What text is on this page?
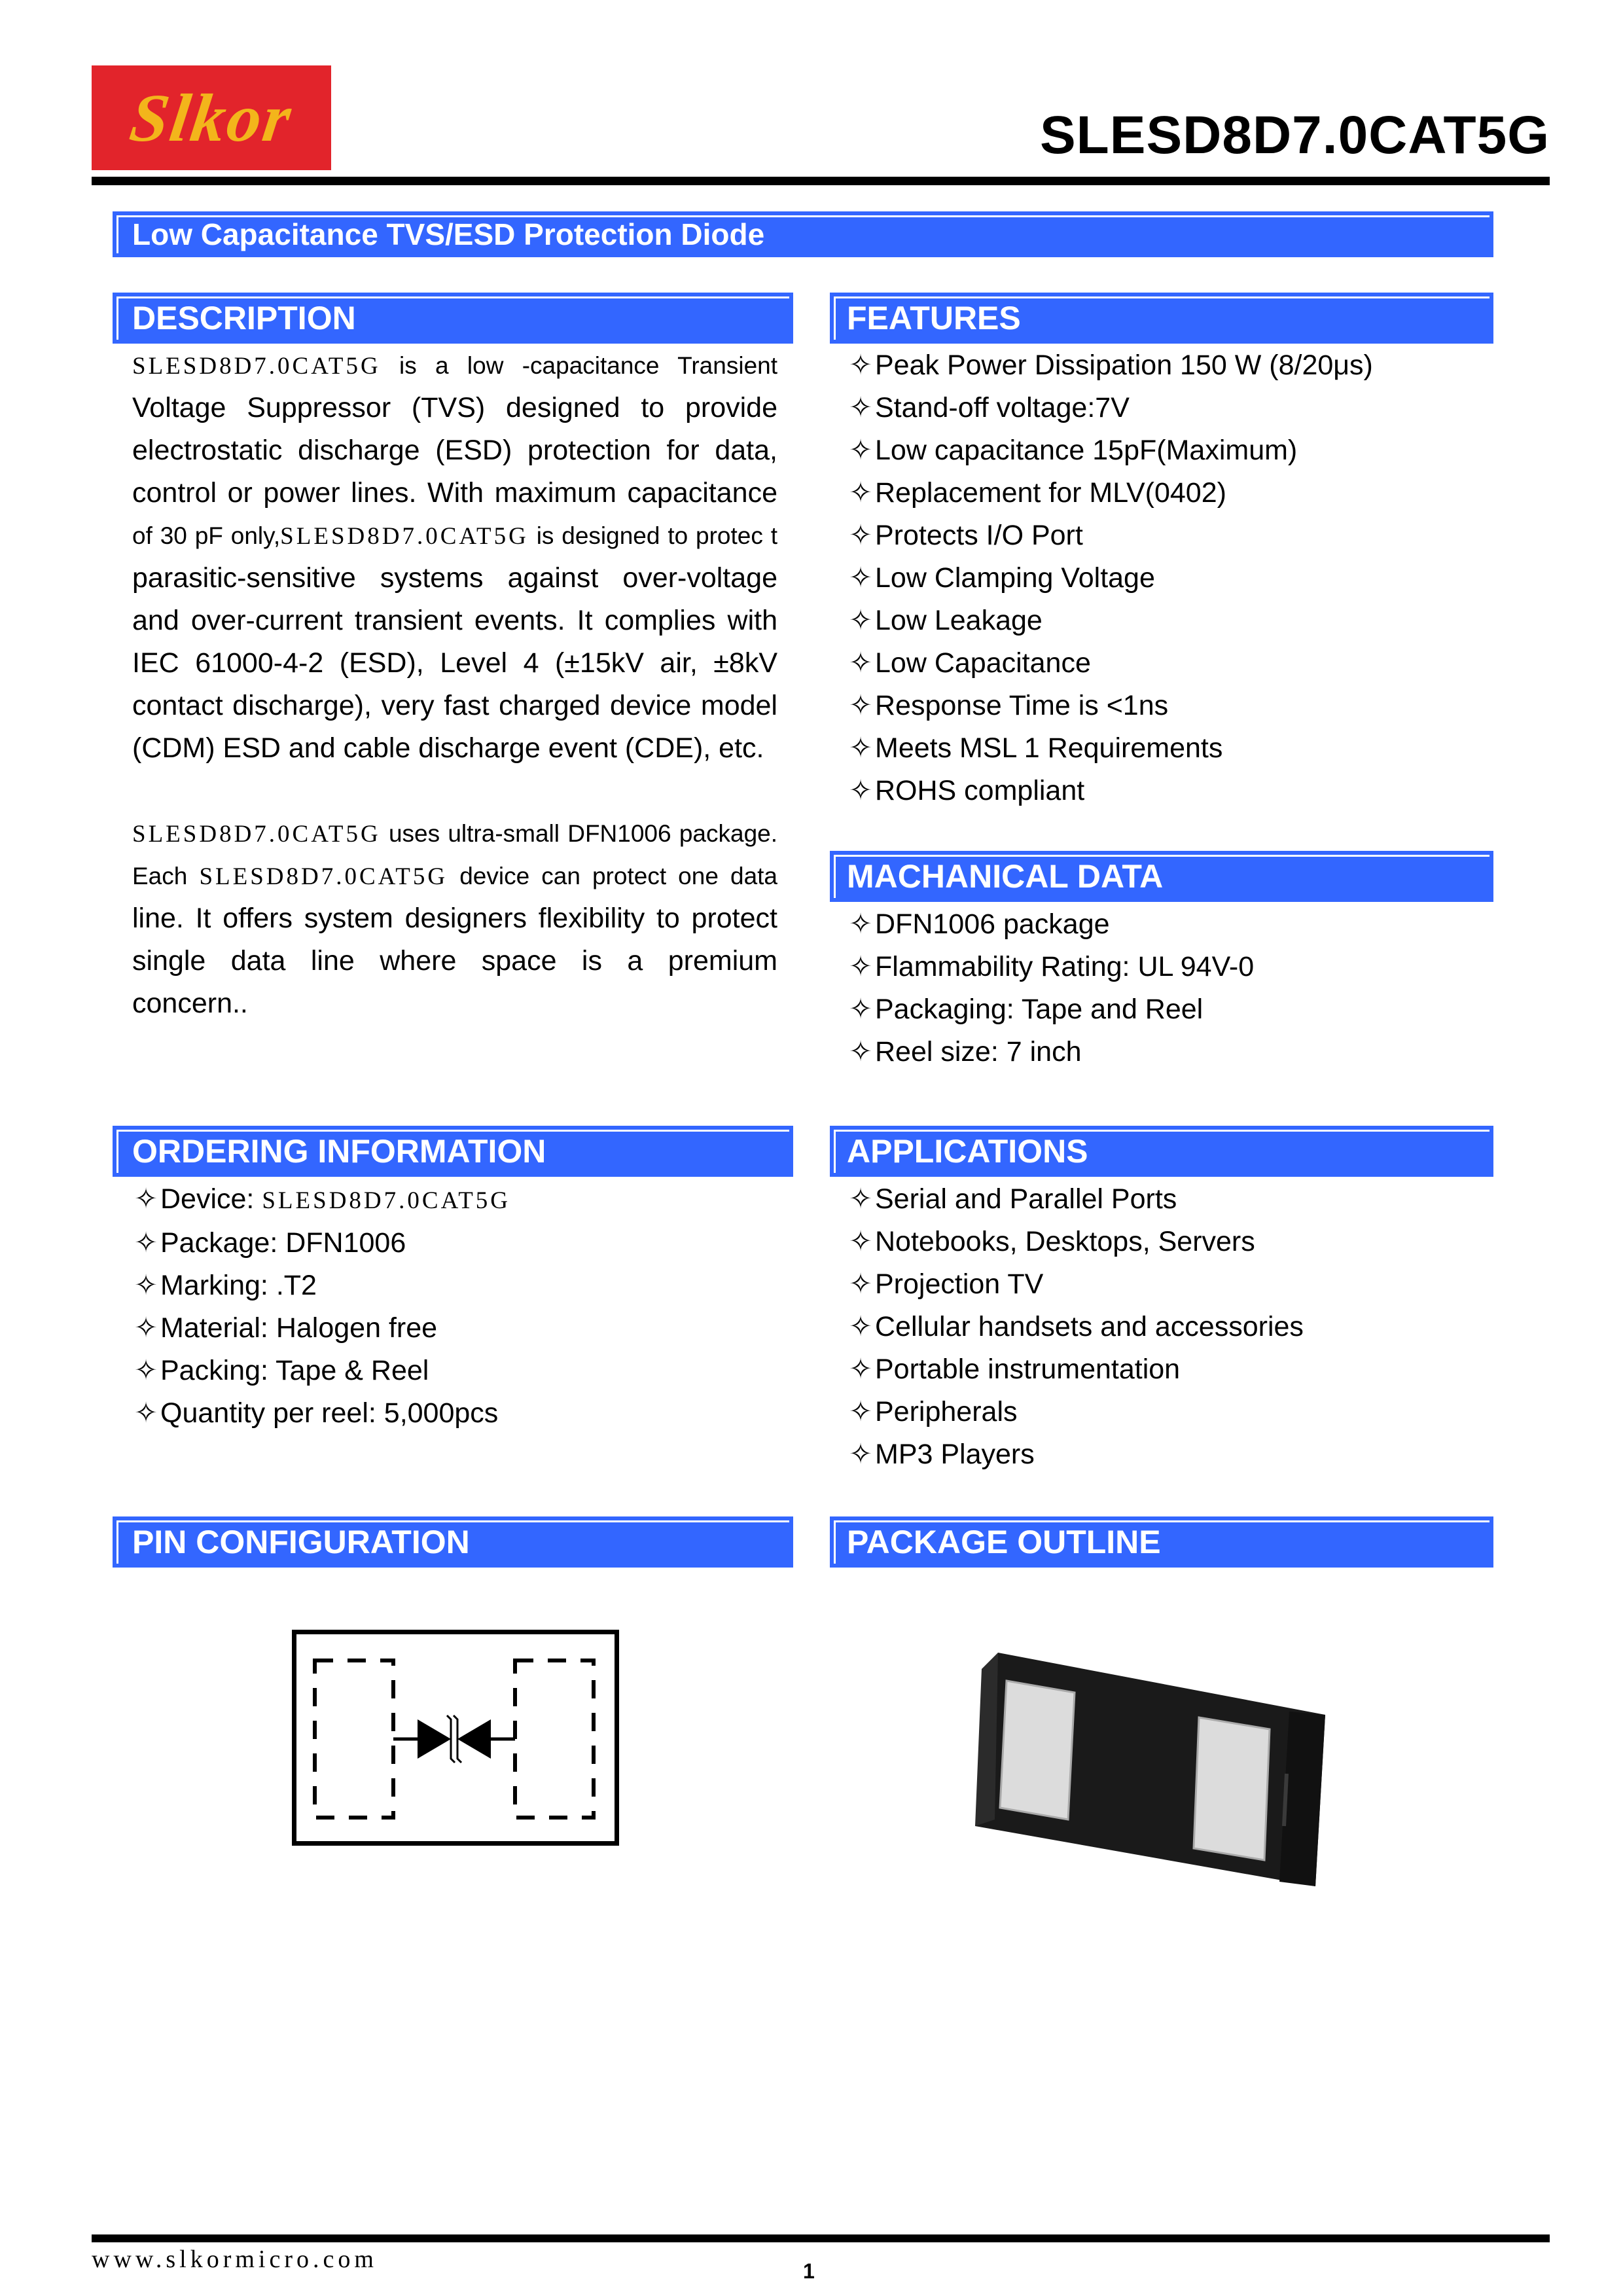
Slkor	SLESD8D7.0CAT5G
Low Capacitance TVS/ESD Protection Diode
DESCRIPTION
SLESD8D7.0CAT5G is a low -capacitance Transient
Voltage Suppressor (TVS) designed to provide
electrostatic discharge (ESD) protection for data,
control or power lines. With maximum capacitance
of 30 pF only,SLESD8D7.0CAT5G is designed to protec t
parasitic-sensitive systems against over-voltage
and over-current transient events. It complies with
IEC 61000-4-2 (ESD), Level 4 (±15kV air, ±8kV
contact discharge), very fast charged device model
(CDM) ESD and cable discharge event (CDE), etc.
SLESD8D7.0CAT5G uses ultra-small DFN1006 package.
Each SLESD8D7.0CAT5G device can protect one data
line. It offers system designers flexibility to protect
single data line where space is a premium
concern..
FEATURES
✧Peak Power Dissipation 150 W (8/20μs)
✧Stand-off voltage:7V
✧Low capacitance 15pF(Maximum)
✧Replacement for MLV(0402)
✧Protects I/O Port
✧Low Clamping Voltage
✧Low Leakage
✧Low Capacitance
✧Response Time is <1ns
✧Meets MSL 1 Requirements
✧ROHS compliant
MACHANICAL DATA
✧DFN1006 package
✧Flammability Rating: UL 94V-0
✧Packaging: Tape and Reel
✧Reel size: 7 inch
ORDERING INFORMATION
✧Device: SLESD8D7.0CAT5G
✧Package: DFN1006
✧Marking: .T2
✧Material: Halogen free
✧Packing: Tape & Reel
✧Quantity per reel: 5,000pcs
APPLICATIONS
✧Serial and Parallel Ports
✧Notebooks, Desktops, Servers
✧Projection TV
✧Cellular handsets and accessories
✧Portable instrumentation
✧Peripherals
✧MP3 Players
PIN CONFIGURATION	PACKAGE OUTLINE
www.slkormicro.com	1
